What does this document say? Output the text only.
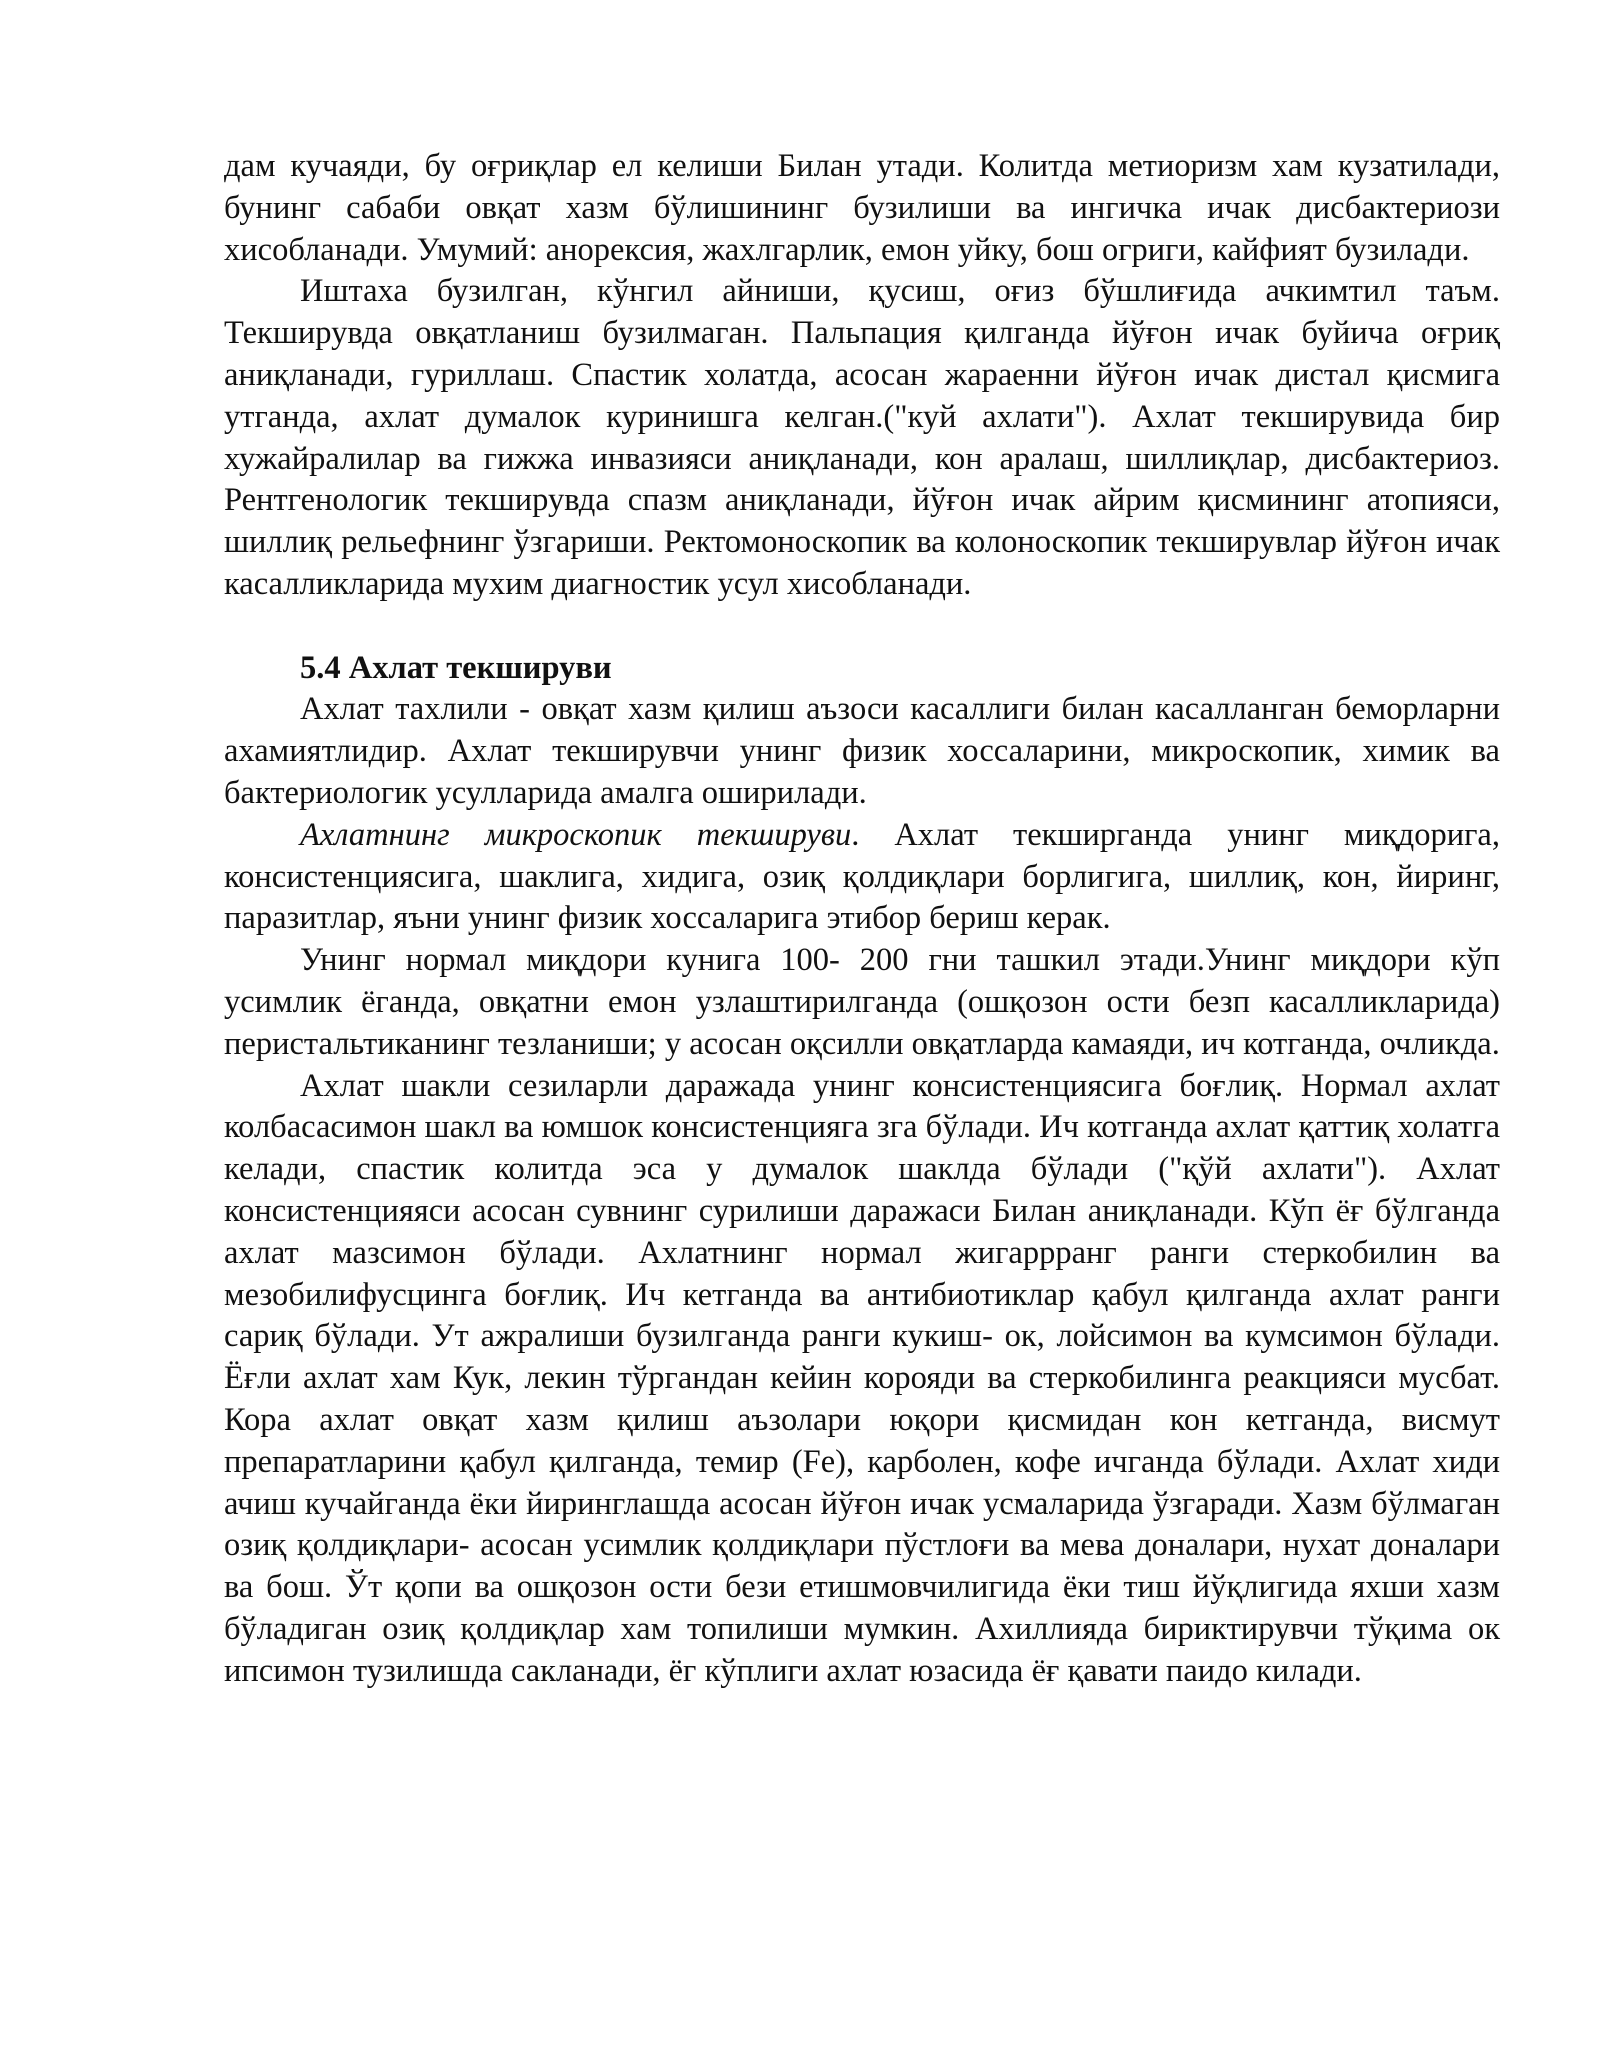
дам кучаяди, бу оғриқлар ел келиши Билан утади. Колитда метиоризм хам кузатилади, бунинг сабаби овқат хазм бўлишининг бузилиши ва ингичка ичак дисбактериози хисобланади. Умумий: анорексия, жахлгарлик, емон уйку, бош огриги, кайфият бузилади.

Иштаха бузилган, кўнгил айниши, қусиш, оғиз бўшлиғида ачкимтил таъм. Текширувда овқатланиш бузилмаган. Пальпация қилганда йўғон ичак буйича оғриқ аниқланади, гуриллаш. Спастик холатда, асосан жараенни йўғон ичак дистал қисмига утганда, ахлат думалок куринишга келган.("куй ахлати"). Ахлат текширувида бир хужайралилар ва гижжа инвазияси аниқланади, кон аралаш, шиллиқлар, дисбактериоз. Рентгенологик текширувда спазм аниқланади, йўғон ичак айрим қисмининг атопияси, шиллиқ рельефнинг ўзгариши. Ректомоноскопик ва колоноскопик текширувлар йўғон ичак касалликларида мухим диагностик усул хисобланади.

5.4 Ахлат текшируви

Ахлат тахлили - овқат хазм қилиш аъзоси касаллиги билан касалланган беморларни ахамиятлидир. Ахлат текширувчи унинг физик хоссаларини, микроскопик, химик ва бактериологик усулларида амалга оширилади.

Ахлатнинг микроскопик текшируви. Ахлат текширганда унинг миқдорига, консистенциясига, шаклига, хидига, озиқ қолдиқлари борлигига, шиллиқ, кон, йиринг, паразитлар, яъни унинг физик хоссаларига этибор бериш керак.

Унинг нормал миқдори кунига 100- 200 гни ташкил этади.Унинг миқдори кўп усимлик ёганда, овқатни емон узлаштирилганда (ошқозон ости безп касалликларида) перистальтиканинг тезланиши; у асосан оқсилли овқатларда камаяди, ич котганда, очликда.

Ахлат шакли сезиларли даражада унинг консистенциясига боғлиқ. Нормал ахлат колбасасимон шакл ва юмшок консистенцияга зга бўлади. Ич котганда ахлат қаттиқ холатга келади, спастик колитда эса у думалок шаклда бўлади ("қўй ахлати"). Ахлат консистенцияяси асосан сувнинг сурилиши даражаси Билан аниқланади. Кўп ёғ бўлганда ахлат мазсимон бўлади. Ахлатнинг нормал жигаррранг ранги стеркобилин ва мезобилифусцинга боғлиқ. Ич кетганда ва антибиотиклар қабул қилганда ахлат ранги сариқ бўлади. Ут ажралиши бузилганда ранги кукиш- ок, лойсимон ва кумсимон бўлади. Ёғли ахлат хам Кук, лекин тўргандан кейин корояди ва стеркобилинга реакцияси мусбат. Кора ахлат овқат хазм қилиш аъзолари юқори қисмидан кон кетганда, висмут препаратларини қабул қилганда, темир (Fe), карболен, кофе ичганда бўлади. Ахлат хиди ачиш кучайганда ёки йиринглашда асосан йўғон ичак усмаларида ўзгаради. Хазм бўлмаган озиқ қолдиқлари- асосан усимлик қолдиқлари пўстлоғи ва мева доналари, нухат доналари ва бош. Ўт қопи ва ошқозон ости бези етишмовчилигида ёки тиш йўқлигида яхши хазм бўладиган озиқ қолдиқлар хам топилиши мумкин. Ахиллияда бириктирувчи тўқима ок ипсимон тузилишда сакланади, ёг кўплиги ахлат юзасида ёғ қавати паидо килади.
